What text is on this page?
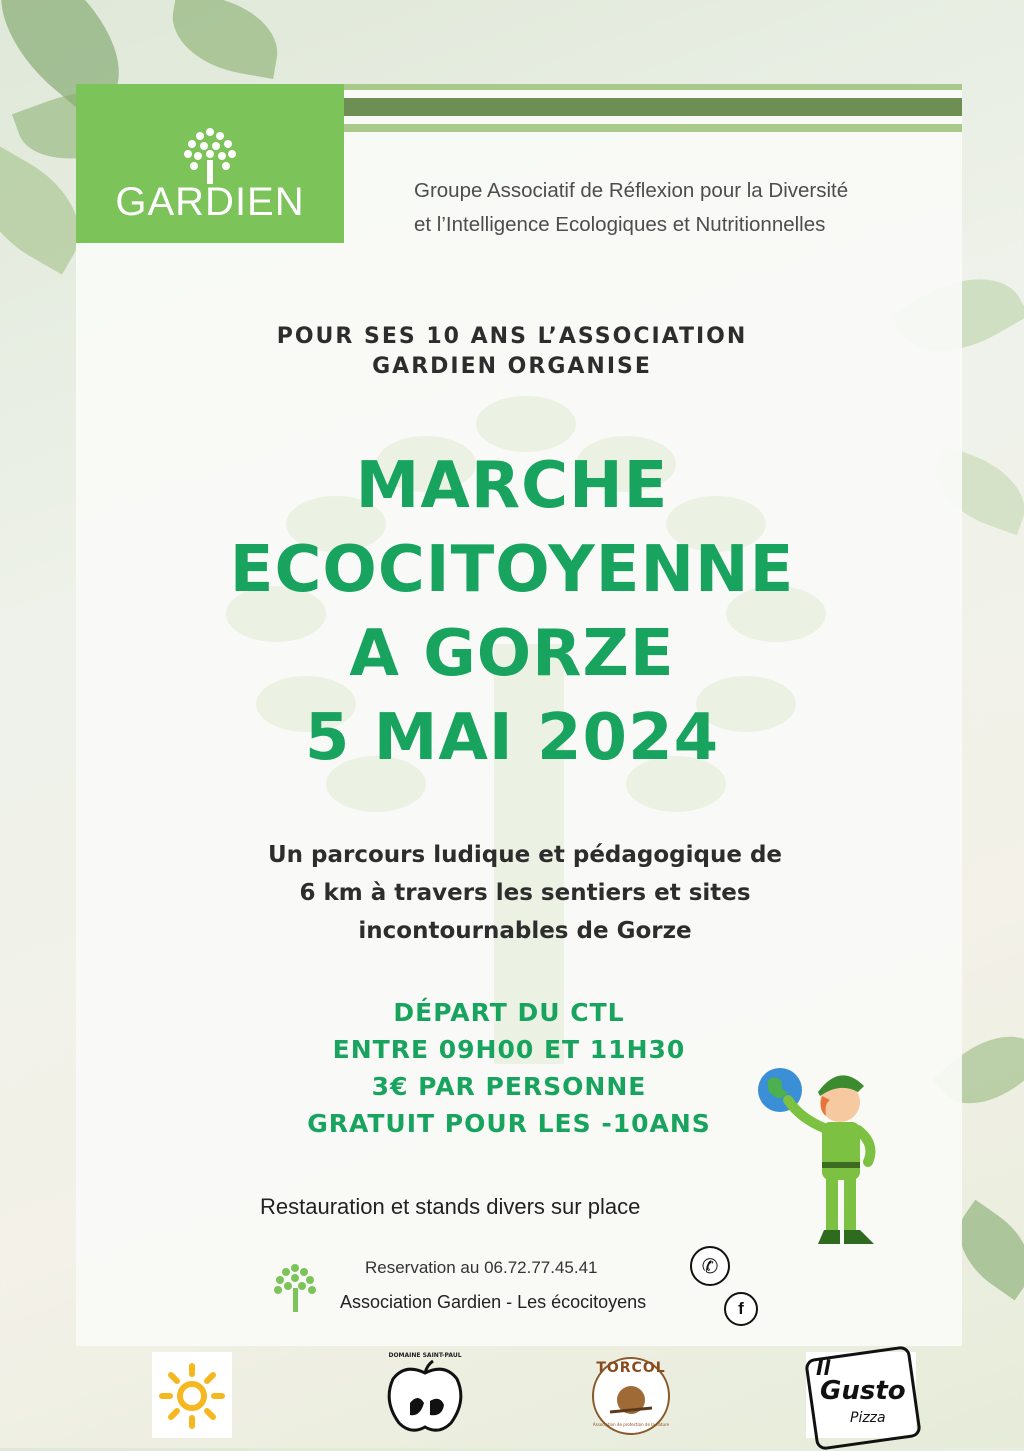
GARDIEN	Groupe Associatif de Réflexion pour la Diversité
et l’Intelligence Ecologiques et Nutritionnelles
POUR SES 10 ANS L’ASSOCIATION
GARDIEN ORGANISE
MARCHE
ECOCITOYENNE
A GORZE
5 MAI 2024
Un parcours ludique et pédagogique de
6 km à travers les sentiers et sites
incontournables de Gorze
DÉPART DU CTL
ENTRE 09H00 ET 11H30
3€ PAR PERSONNE
GRATUIT POUR LES -10ANS
Restauration et stands divers sur place
Reservation au 06.72.77.45.41
Association Gardien - Les écocitoyens
✆
f
DOMAINE SAINT-PAUL
TORCOL
Association de protection de la nature
Il
Gusto
Pizza
